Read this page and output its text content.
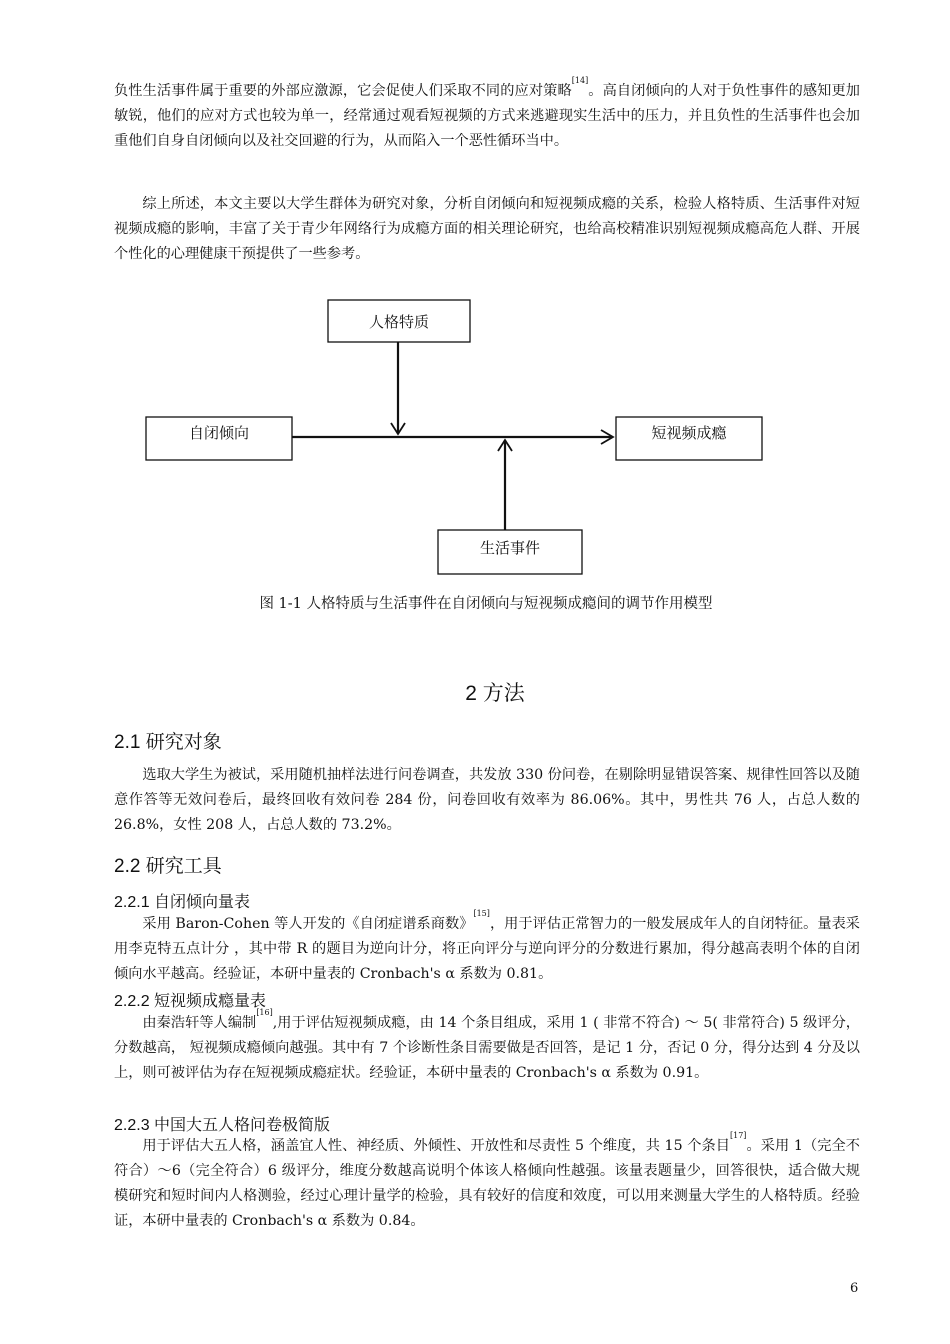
负性生活事件属于重要的外部应激源，它会促使人们采取不同的应对策略[14]。高自闭倾向的人对于负性事件的感知更加敏锐，他们的应对方式也较为单一，经常通过观看短视频的方式来逃避现实生活中的压力，并且负性的生活事件也会加重他们自身自闭倾向以及社交回避的行为，从而陷入一个恶性循环当中。

综上所述，本文主要以大学生群体为研究对象，分析自闭倾向和短视频成瘾的关系，检验人格特质、生活事件对短视频成瘾的影响，丰富了关于青少年网络行为成瘾方面的相关理论研究，也给高校精准识别短视频成瘾高危人群、开展个性化的心理健康干预提供了一些参考。

人格特质
自闭倾向	短视频成瘾
生活事件
图 1-1 人格特质与生活事件在自闭倾向与短视频成瘾间的调节作用模型
2 方法
2.1 研究对象

选取大学生为被试，采用随机抽样法进行问卷调查，共发放 330 份问卷，在剔除明显错误答案、规律性回答以及随意作答等无效问卷后，最终回收有效问卷 284 份，问卷回收有效率为 86.06%。其中，男性共 76 人，占总人数的 26.8%，女性 208 人，占总人数的 73.2%。

2.2 研究工具
2.2.1 自闭倾向量表

采用 Baron-Cohen 等人开发的《自闭症谱系商数》[15]，用于评估正常智力的一般发展成年人的自闭特征。量表采用李克特五点计分 ，其中带 R 的题目为逆向计分，将正向评分与逆向评分的分数进行累加，得分越高表明个体的自闭倾向水平越高。经验证，本研中量表的 Cronbach's α 系数为 0.81。

2.2.2 短视频成瘾量表

由秦浩轩等人编制[16],用于评估短视频成瘾，由 14 个条目组成，采用 1 ( 非常不符合) ～ 5( 非常符合) 5 级评分，分数越高， 短视频成瘾倾向越强。其中有 7 个诊断性条目需要做是否回答，是记 1 分，否记 0 分，得分达到 4 分及以上，则可被评估为存在短视频成瘾症状。经验证，本研中量表的 Cronbach's α 系数为 0.91。

2.2.3 中国大五人格问卷极简版

用于评估大五人格，涵盖宜人性、神经质、外倾性、开放性和尽责性 5 个维度，共 15 个条目[17]。采用 1（完全不符合）～6（完全符合）6 级评分，维度分数越高说明个体该人格倾向性越强。该量表题量少，回答很快，适合做大规模研究和短时间内人格测验，经过心理计量学的检验，具有较好的信度和效度，可以用来测量大学生的人格特质。经验证，本研中量表的 Cronbach's α 系数为 0.84。

6
